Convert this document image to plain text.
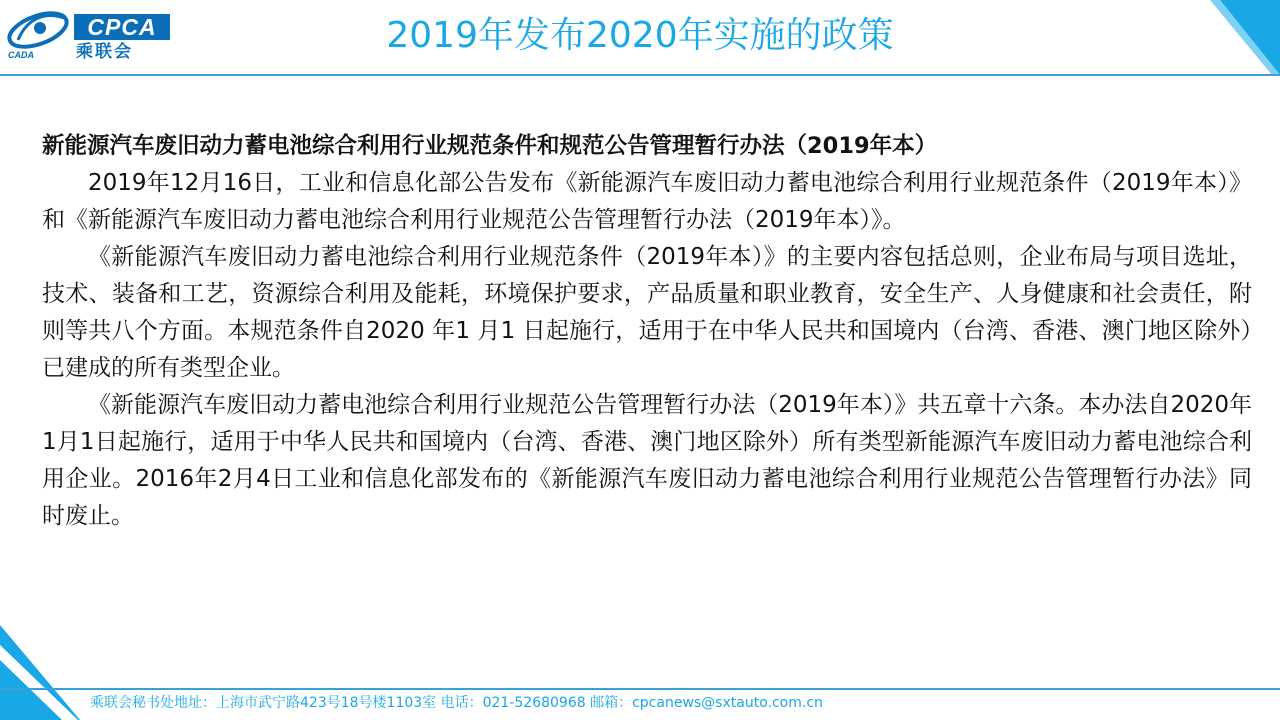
CPCA
乘联会
CADA	2019年发布2020年实施的政策

新能源汽车废旧动力蓄电池综合利用行业规范条件和规范公告管理暂行办法（2019年本）

2019年12月16日，工业和信息化部公告发布《新能源汽车废旧动力蓄电池综合利用行业规范条件（2019年本）》和《新能源汽车废旧动力蓄电池综合利用行业规范公告管理暂行办法（2019年本）》。

《新能源汽车废旧动力蓄电池综合利用行业规范条件（2019年本）》的主要内容包括总则，企业布局与项目选址，技术、装备和工艺，资源综合利用及能耗，环境保护要求，产品质量和职业教育，安全生产、人身健康和社会责任，附则等共八个方面。本规范条件自2020 年1 月1 日起施行，适用于在中华人民共和国境内（台湾、香港、澳门地区除外）已建成的所有类型企业。

《新能源汽车废旧动力蓄电池综合利用行业规范公告管理暂行办法（2019年本）》共五章十六条。本办法自2020年1月1日起施行，适用于中华人民共和国境内（台湾、香港、澳门地区除外）所有类型新能源汽车废旧动力蓄电池综合利用企业。2016年2月4日工业和信息化部发布的《新能源汽车废旧动力蓄电池综合利用行业规范公告管理暂行办法》同时废止。

乘联会秘书处地址：上海市武宁路423号18号楼1103室 电话：021-52680968 邮箱：cpcanews@sxtauto.com.cn
